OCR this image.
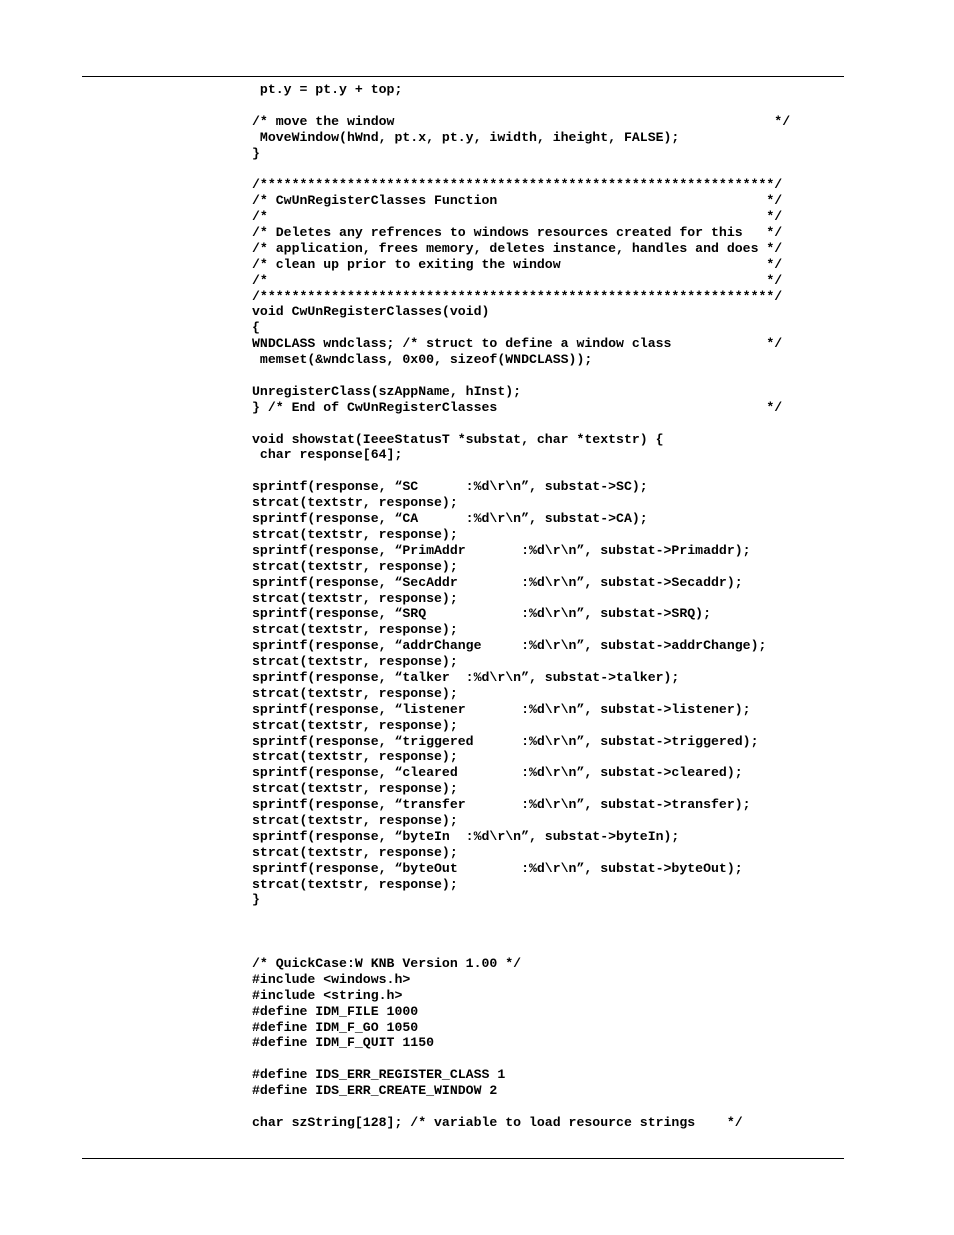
pt.y = pt.y + top;
/* move the window                                                */
MoveWindow(hWnd, pt.x, pt.y, iwidth, iheight, FALSE);
}
/*****************************************************************/
/* CwUnRegisterClasses Function                                  */
/*                                                               */
/* Deletes any refrences to windows resources created for this   */
/* application, frees memory, deletes instance, handles and does */
/* clean up prior to exiting the window                          */
/*                                                               */
/*****************************************************************/
void CwUnRegisterClasses(void)
{
WNDCLASS wndclass; /* struct to define a window class            */
memset(&wndclass, 0x00, sizeof(WNDCLASS));
UnregisterClass(szAppName, hInst);
} /* End of CwUnRegisterClasses                                  */
void showstat(IeeeStatusT *substat, char *textstr) {
char response[64];
sprintf(response, “SC      :%d\r\n”, substat->SC);
strcat(textstr, response);
sprintf(response, “CA      :%d\r\n”, substat->CA);
strcat(textstr, response);
sprintf(response, “PrimAddr       :%d\r\n”, substat->Primaddr);
strcat(textstr, response);
sprintf(response, “SecAddr        :%d\r\n”, substat->Secaddr);
strcat(textstr, response);
sprintf(response, “SRQ            :%d\r\n”, substat->SRQ);
strcat(textstr, response);
sprintf(response, “addrChange     :%d\r\n”, substat->addrChange);
strcat(textstr, response);
sprintf(response, “talker  :%d\r\n”, substat->talker);
strcat(textstr, response);
sprintf(response, “listener       :%d\r\n”, substat->listener);
strcat(textstr, response);
sprintf(response, “triggered      :%d\r\n”, substat->triggered);
strcat(textstr, response);
sprintf(response, “cleared        :%d\r\n”, substat->cleared);
strcat(textstr, response);
sprintf(response, “transfer       :%d\r\n”, substat->transfer);
strcat(textstr, response);
sprintf(response, “byteIn  :%d\r\n”, substat->byteIn);
strcat(textstr, response);
sprintf(response, “byteOut        :%d\r\n”, substat->byteOut);
strcat(textstr, response);
}
/* QuickCase:W KNB Version 1.00 */
#include <windows.h>
#include <string.h>
#define IDM_FILE 1000
#define IDM_F_GO 1050
#define IDM_F_QUIT 1150
#define IDS_ERR_REGISTER_CLASS 1
#define IDS_ERR_CREATE_WINDOW 2
char szString[128]; /* variable to load resource strings    */
